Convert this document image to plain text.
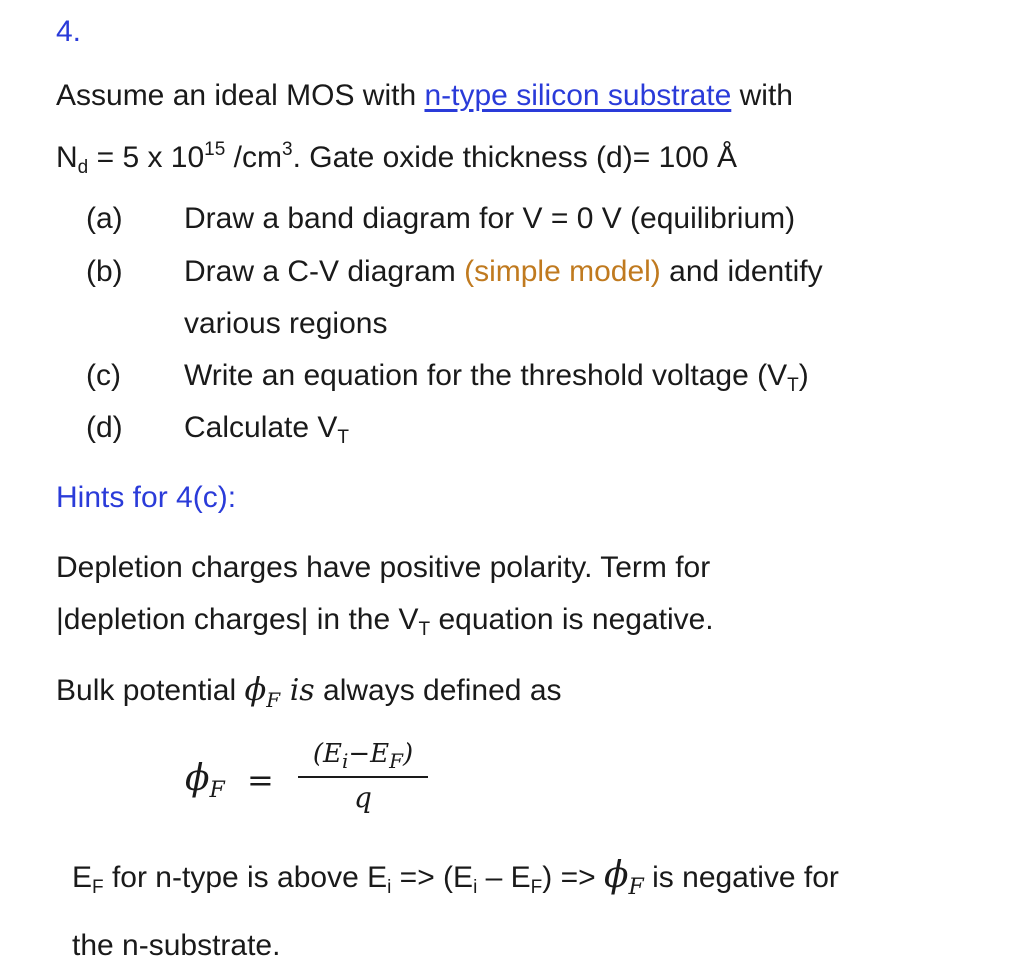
4.
Assume an ideal MOS with n-type silicon substrate with
$N_d = 5$ x $10^{15}$ $/cm^3$. Gate oxide thickness (d)= 100 Å
(a) Draw a band diagram for V = 0 V (equilibrium)
(b) Draw a C-V diagram (simple model) and identify
various regions
(c) Write an equation for the threshold voltage $(V_T)$
(d) Calculate $V_T$
Hints for 4(c):
Depletion charges have positive polarity. Term for
|depletion charges| in the $V_T$ equation is negative.
Bulk potential $\phi_F$ is always defined as
ϕF =
$(E_i-E_F)$
q
$E_F$ for n-type is above $E_i => (E_i - E_F) => \phi_F$ is negative for
the n-substrate.
